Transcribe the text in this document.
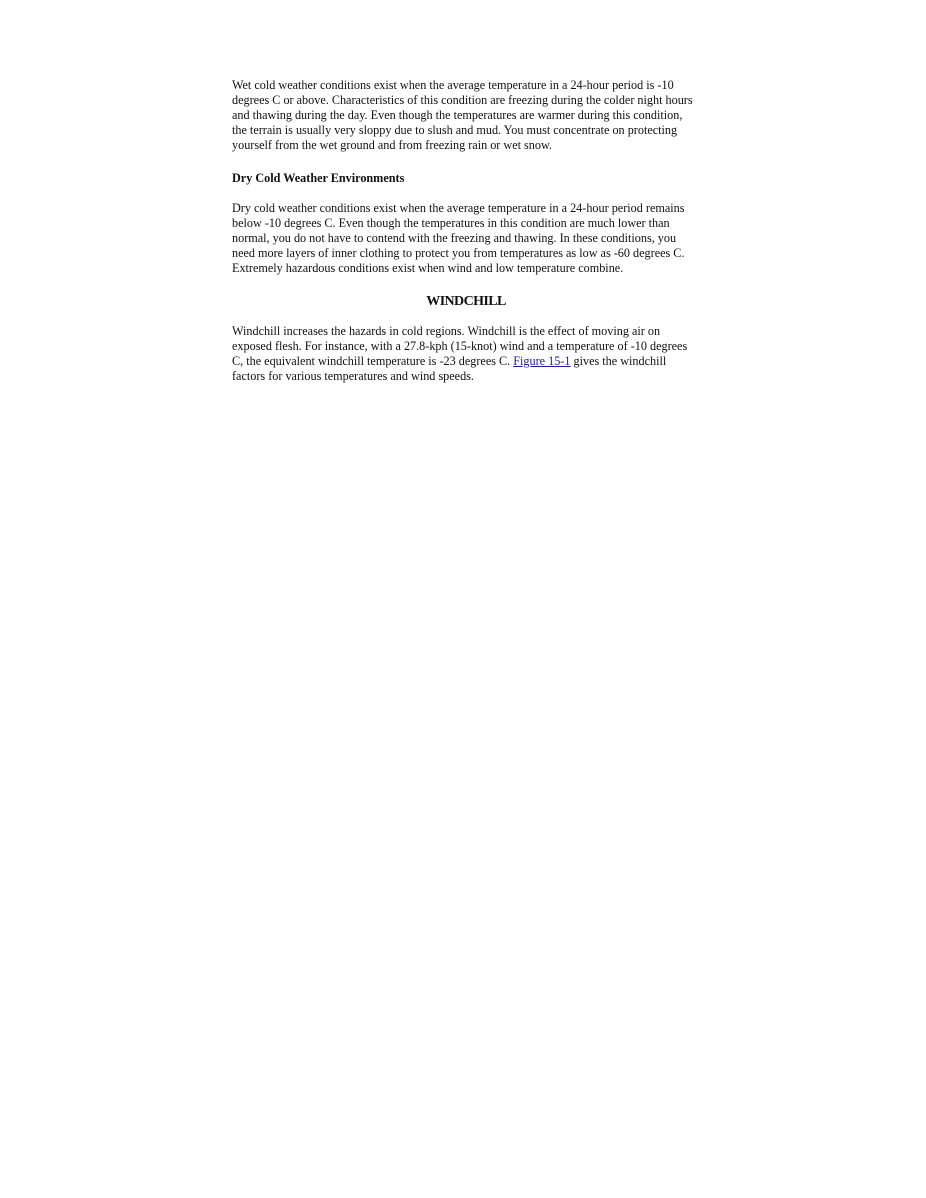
Wet cold weather conditions exist when the average temperature in a 24-hour period is -10 degrees C or above. Characteristics of this condition are freezing during the colder night hours and thawing during the day. Even though the temperatures are warmer during this condition, the terrain is usually very sloppy due to slush and mud. You must concentrate on protecting yourself from the wet ground and from freezing rain or wet snow.

Dry Cold Weather Environments

Dry cold weather conditions exist when the average temperature in a 24-hour period remains below -10 degrees C. Even though the temperatures in this condition are much lower than normal, you do not have to contend with the freezing and thawing. In these conditions, you need more layers of inner clothing to protect you from temperatures as low as -60 degrees C. Extremely hazardous conditions exist when wind and low temperature combine.

WINDCHILL

Windchill increases the hazards in cold regions. Windchill is the effect of moving air on exposed flesh. For instance, with a 27.8-kph (15-knot) wind and a temperature of -10 degrees C, the equivalent windchill temperature is -23 degrees C. Figure 15-1 gives the windchill factors for various temperatures and wind speeds.
